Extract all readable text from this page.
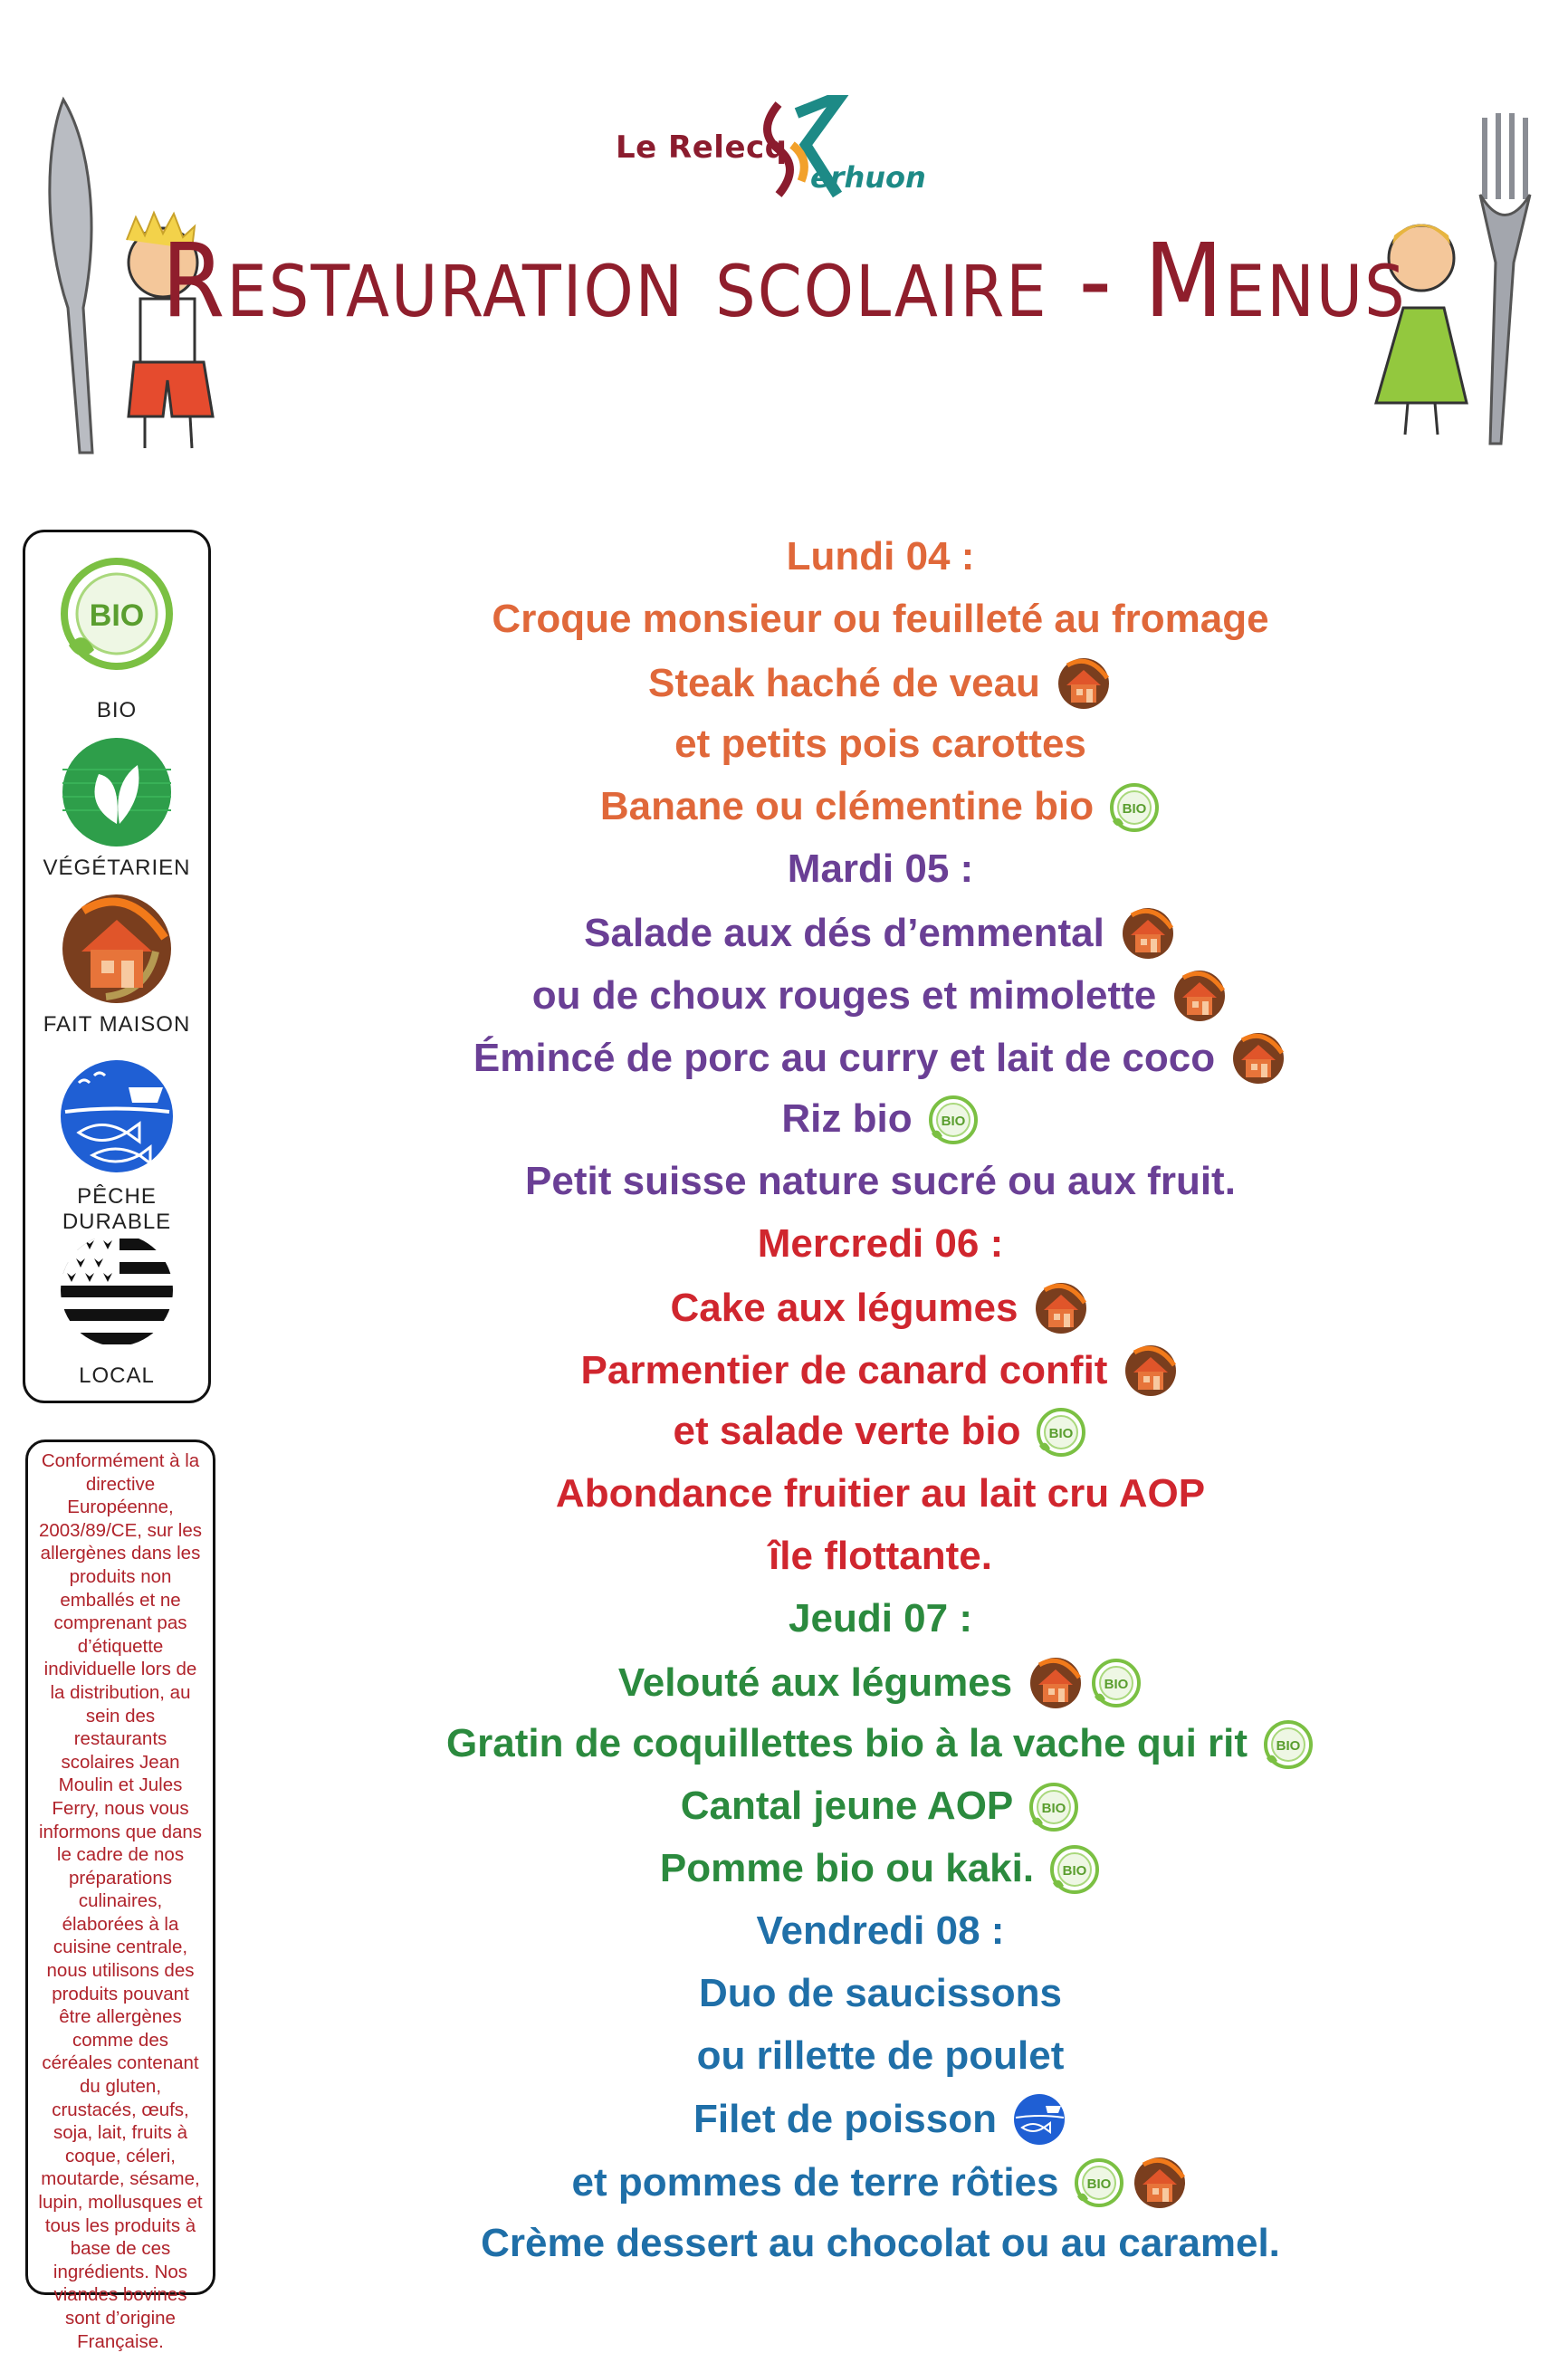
Le Relecq
erhuon
Restauration scolaire - Menus
BIO
BIO
VÉGÉTARIEN
FAIT MAISON
PÊCHE DURABLE
LOCAL
Conformément à la directive Européenne, 2003/89/CE, sur les allergènes dans les produits non emballés et ne comprenant pas d’étiquette individuelle lors de la distribution, au sein des restaurants scolaires Jean Moulin et Jules Ferry, nous vous informons que dans le cadre de nos préparations culinaires, élaborées à la cuisine centrale, nous utilisons des produits pouvant être allergènes comme des céréales contenant du gluten, crustacés, œufs, soja, lait, fruits à coque, céleri, moutarde, sésame, lupin, mollusques et tous les produits à base de ces ingrédients. Nos viandes bovines sont d’origine Française.
Lundi 04 :
Croque monsieur ou feuilleté au fromage
Steak haché de veau
et petits pois carottes
Banane ou clémentine bio BIO
Mardi 05 :
Salade aux dés d’emmental
ou de choux rouges et mimolette
Émincé de porc au curry et lait de coco
Riz bio BIO
Petit suisse nature sucré ou aux fruit.
Mercredi 06 :
Cake aux légumes
Parmentier de canard confit
et salade verte bio BIO
Abondance fruitier au lait cru AOP
île flottante.
Jeudi 07 :
Velouté aux légumes	BIO
Gratin de coquillettes bio à la vache qui rit BIO
Cantal jeune AOP BIO
Pomme bio ou kaki. BIO
Vendredi 08 :
Duo de saucissons
ou rillette de poulet
Filet de poisson
et pommes de terre rôties BIO
Crème dessert au chocolat ou au caramel.
